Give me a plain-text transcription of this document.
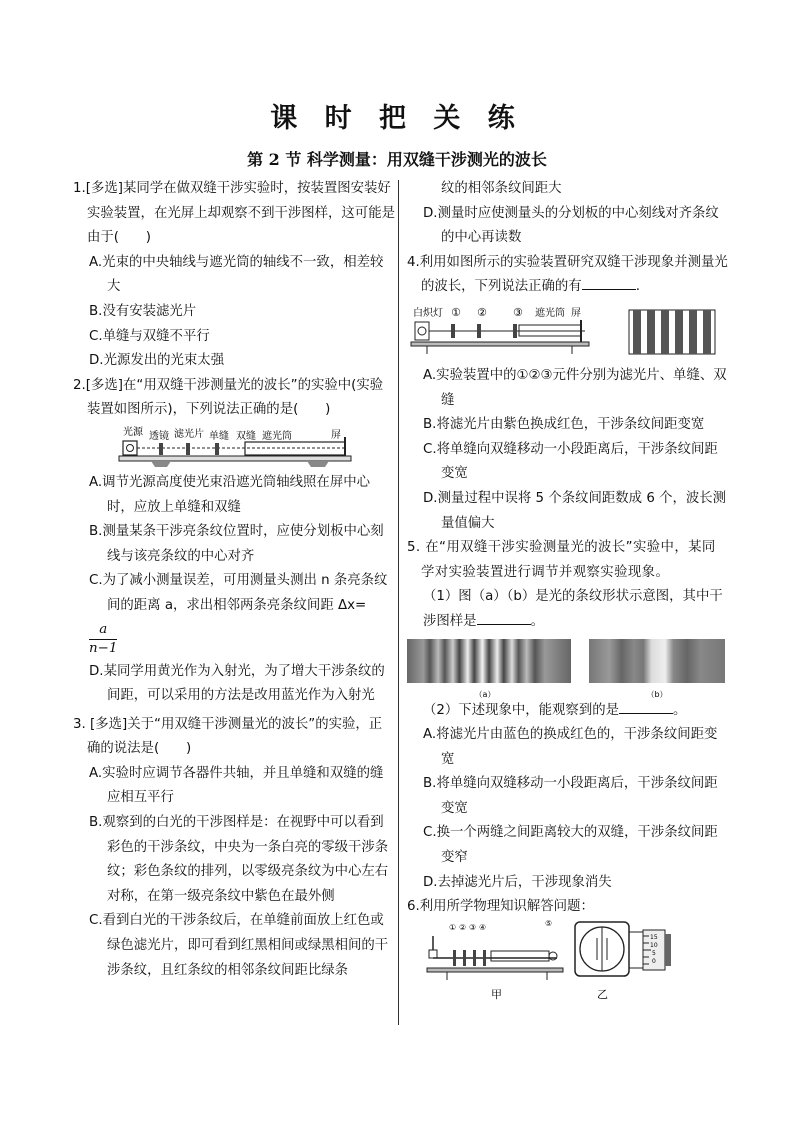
课 时 把 关 练
第 2 节 科学测量：用双缝干涉测光的波长

1.[多选]某同学在做双缝干涉实验时，按装置图安装好实验装置，在光屏上却观察不到干涉图样，这可能是由于(　　)

A.光束的中央轴线与遮光筒的轴线不一致，相差较大

B.没有安装滤光片

C.单缝与双缝不平行

D.光源发出的光束太强

2.[多选]在“用双缝干涉测量光的波长”的实验中(实验装置如图所示)，下列说法正确的是(　　)

光源 透镜 滤光片 单缝 双缝 遮光筒	屏

A.调节光源高度使光束沿遮光筒轴线照在屏中心时，应放上单缝和双缝

B.测量某条干涉亮条纹位置时，应使分划板中心刻线与该亮条纹的中心对齐

C.为了减小测量误差，可用测量头测出 n 条亮条纹间的距离 a，求出相邻两条亮条纹间距 Δx=

$\frac{a}{n-1}$

D.某同学用黄光作为入射光，为了增大干涉条纹的间距，可以采用的方法是改用蓝光作为入射光

3. [多选]关于“用双缝干涉测量光的波长”的实验，正确的说法是(　　)

A.实验时应调节各器件共轴，并且单缝和双缝的缝应相互平行

B.观察到的白光的干涉图样是：在视野中可以看到彩色的干涉条纹，中央为一条白亮的零级干涉条纹；彩色条纹的排列，以零级亮条纹为中心左右对称，在第一级亮条纹中紫色在最外侧

C.看到白光的干涉条纹后，在单缝前面放上红色或绿色滤光片，即可看到红黑相间或绿黑相间的干涉条纹，且红条纹的相邻条纹间距比绿条

纹的相邻条纹间距大

D.测量时应使测量头的分划板的中心刻线对齐条纹的中心再读数

4.利用如图所示的实验装置研究双缝干涉现象并测量光的波长，下列说法正确的有	.

白炽灯 ① ② ③ 遮光筒 屏

A.实验装置中的①②③元件分别为滤光片、单缝、双缝

B.将滤光片由紫色换成红色，干涉条纹间距变宽

C.将单缝向双缝移动一小段距离后，干涉条纹间距变宽

D.测量过程中误将 5 个条纹间距数成 6 个，波长测量值偏大

5. 在“用双缝干涉实验测量光的波长”实验中，某同学对实验装置进行调节并观察实验现象。

（1）图（a）（b）是光的条纹形状示意图，其中干涉图样是	。

（a）	（b）

（2）下述现象中，能观察到的是	。

A.将滤光片由蓝色的换成红色的，干涉条纹间距变宽

B.将单缝向双缝移动一小段距离后，干涉条纹间距变宽

C.换一个两缝之间距离较大的双缝，干涉条纹间距变窄

D.去掉滤光片后，干涉现象消失

6.利用所学物理知识解答问题：

① ② ③ ④	⑤
甲
15
10
5
0
乙
